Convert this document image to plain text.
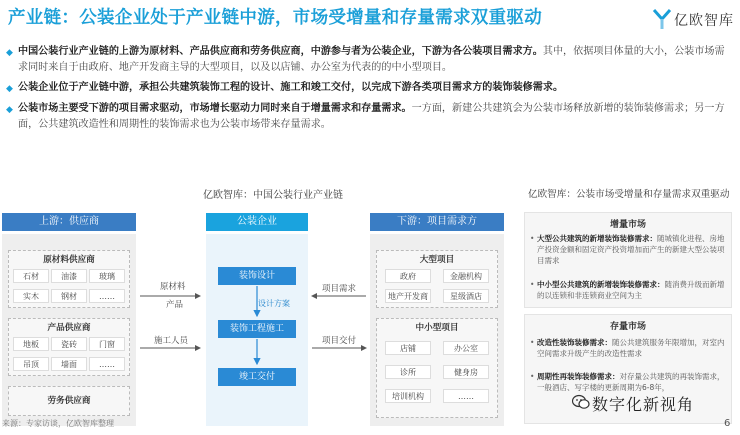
产业链：公装企业处于产业链中游，市场受增量和存量需求双重驱动	亿欧智库
◆ 中国公装行业产业链的上游为原材料、产品供应商和劳务供应商，中游参与者为公装企业，下游为各公装项目需求方。其中，依据项目体量的大小，公装市场需求同时来自于由政府、地产开发商主导的大型项目，以及以店铺、办公室为代表的的中小型项目。
◆ 公装企业位于产业链中游，承担公共建筑装饰工程的设计、施工和竣工交付，以完成下游各类项目需求方的装饰装修需求。
◆ 公装市场主要受下游的项目需求驱动，市场增长驱动力同时来自于增量需求和存量需求。一方面，新建公共建筑会为公装市场释放新增的装饰装修需求；另一方面，公共建筑改造性和周期性的装饰需求也为公装市场带来存量需求。
亿欧智库：中国公装行业产业链
上游：供应商	公装企业	下游：项目需求方
原材料供应商
石材	油漆	玻璃
实木	钢材	……
产品供应商
地板	瓷砖	门窗
吊顶	墙面	……
劳务供应商
装饰设计
设计方案
装饰工程施工
竣工交付
大型项目
政府	金融机构
地产开发商	星级酒店
中小型项目
店铺	办公室
诊所	健身房
培训机构	……
原材料
产品
施工人员
项目需求
项目交付
来源：专家访谈，亿欧智库整理
亿欧智库：公装市场受增量和存量需求双重驱动
增量市场
• 大型公共建筑的新增装饰装修需求：随城镇化进程、房地产投资金额和固定资产投资增加而产生的新建大型公装项目需求
• 中小型公共建筑的新增装饰装修需求：随消费升级而新增的以连锁和非连锁商业空间为主
存量市场
• 改造性装饰装修需求：随公共建筑服务年限增加，对室内空间需求升级产生的改造性需求
• 周期性再装饰装修需求：对存量公共建筑的再装饰需求，一般酒店、写字楼的更新周期为6-8年，
数字化新视角
6
